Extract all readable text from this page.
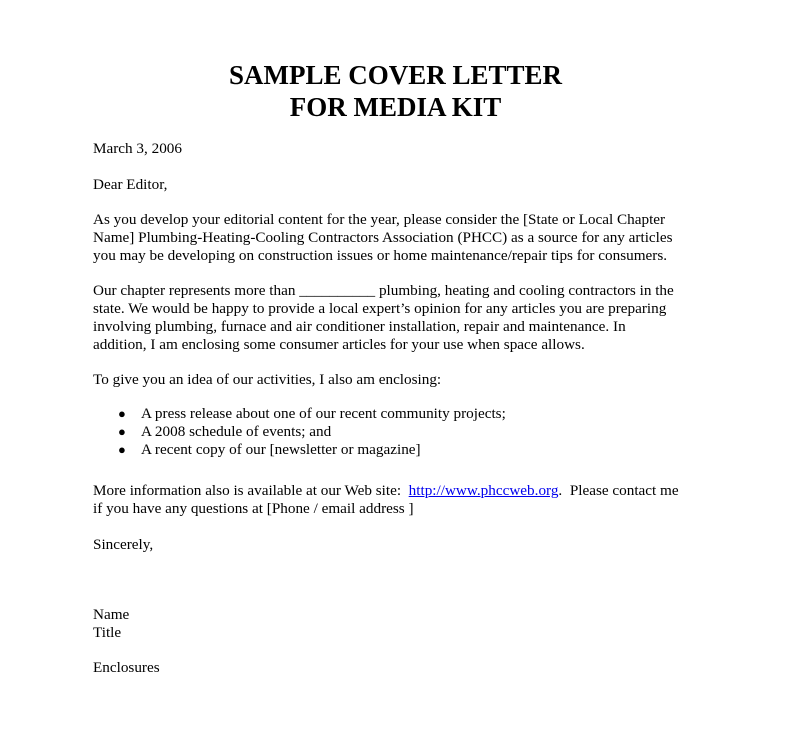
SAMPLE COVER LETTER
FOR MEDIA KIT

March 3, 2006

Dear Editor,

As you develop your editorial content for the year, please consider the [State or Local Chapter
Name] Plumbing-Heating-Cooling Contractors Association (PHCC) as a source for any articles
you may be developing on construction issues or home maintenance/repair tips for consumers.
Our chapter represents more than __________ plumbing, heating and cooling contractors in the
state. We would be happy to provide a local expert’s opinion for any articles you are preparing
involving plumbing, furnace and air conditioner installation, repair and maintenance. In
addition, I am enclosing some consumer articles for your use when space allows.

To give you an idea of our activities, I also am enclosing:

● A press release about one of our recent community projects;
● A 2008 schedule of events; and
● A recent copy of our [newsletter or magazine]
More information also is available at our Web site:  http://www.phccweb.org.  Please contact me
if you have any questions at [Phone / email address ]

Sincerely,

Name

Title

Enclosures
